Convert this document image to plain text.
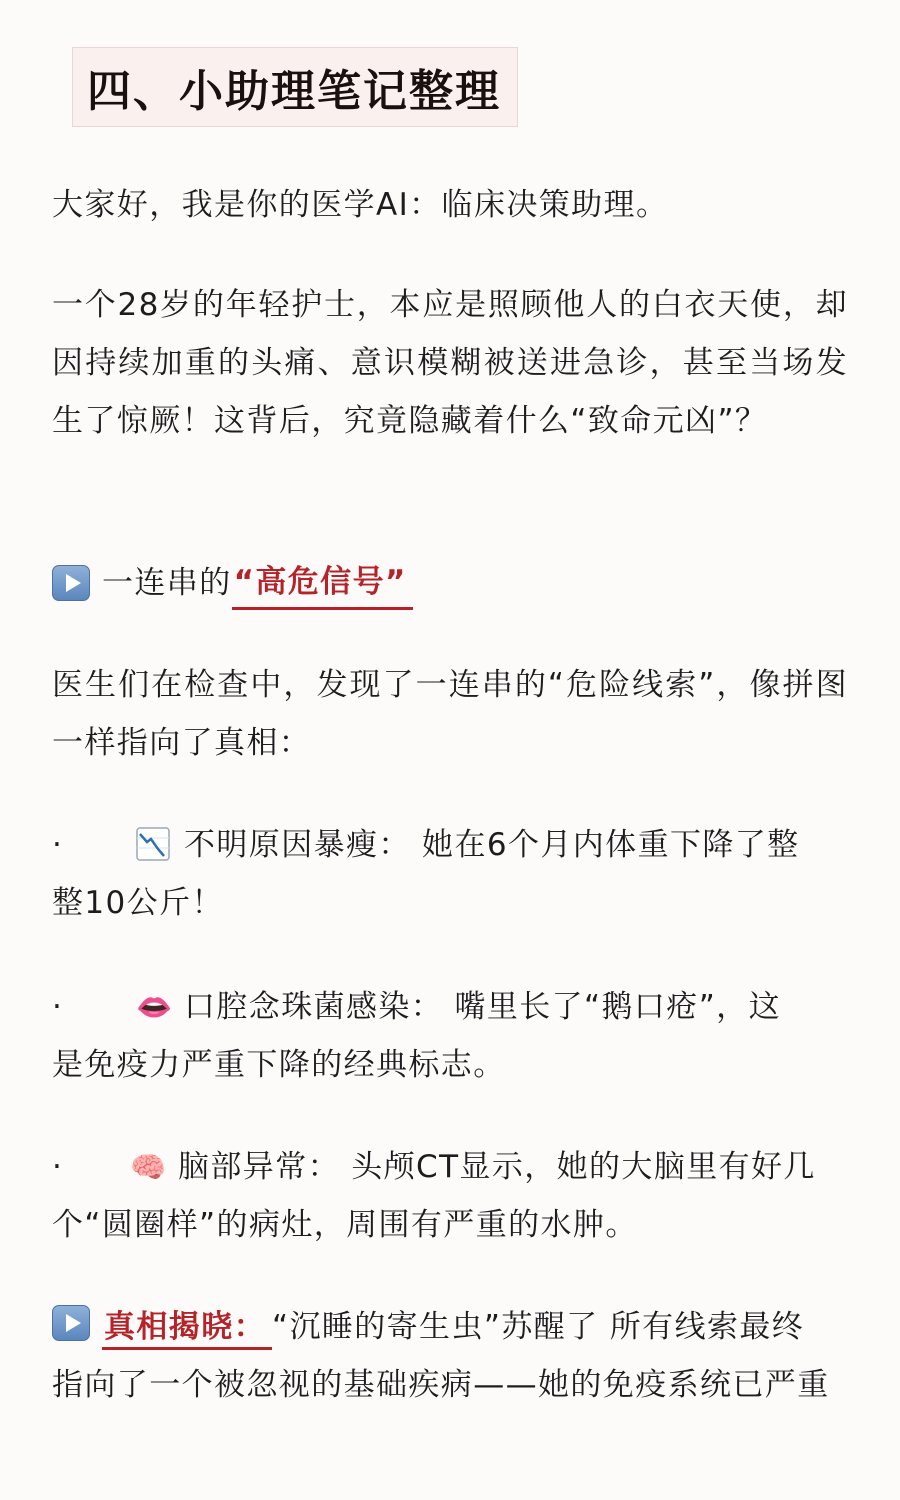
四、小助理笔记整理
大家好，我是你的医学AI：临床决策助理。
一个28岁的年轻护士，本应是照顾他人的白衣天使，却因持续加重的头痛、意识模糊被送进急诊，甚至当场发生了惊厥！这背后，究竟隐藏着什么“致命元凶”？
一连串的 “高危信号”
医生们在检查中，发现了一连串的“危险线索”，像拼图一样指向了真相：
·	不明原因暴瘦： 她在6个月内体重下降了整
整10公斤！
·	👄 口腔念珠菌感染： 嘴里长了“鹅口疮”，这
是免疫力严重下降的经典标志。
· 🧠 脑部异常： 头颅CT显示，她的大脑里有好几
个“圆圈样”的病灶，周围有严重的水肿。
真相揭晓： “沉睡的寄生虫”苏醒了 所有线索最终
指向了一个被忽视的基础疾病——她的免疫系统已严重
